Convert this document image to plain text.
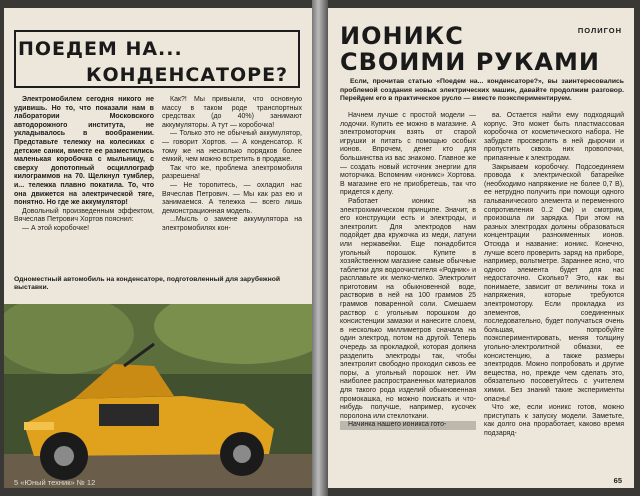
ПОЕДЕМ НА...
КОНДЕНСАТОРЕ?

Электромобилем сегодня никого не удивишь. Но то, что показали нам в лаборатории Московского автодорожного института, не укладывалось в воображении. Представьте тележку на колесиках с детские санки, вместе ее разместились маленькая коробочка с мыльницу, с сверху допотопный осциллограф килограммов на 70. Щелкнул тумблер, и... тележка плавно покатила. То, что она движется на электрической тяге, понятно. Но где же аккумулятор!

Довольный произведенным эффектом, Вячеслав Петрович Хортов пояснил:

— А этой коробочке!

Как?! Мы привыкли, что основную массу в таком роде транспортных средствах (до 40%) занимают аккумуляторы. А тут — коробочка!

— Только это не обычный аккумулятор, — говорит Хортов. — А конденсатор. К тому же на несколько порядков более емкий, чем можно встретить в продаже.

Так что же, проблема электромобиля разрешена!

— Не торопитесь, — охладил нас Вячеслав Петрович. — Мы как раз ею и занимаемся. А тележка — всего лишь демонстрационная модель.

...Мысль о замене аккумулятора на электромобилях кон-

Одноместный автомобиль на конденсаторе, подготовленный для зарубежной выставки.
5 «Юный техник» № 12
ПОЛИГОН
ИОНИКС
СВОИМИ РУКАМИ
Если, прочитав статью «Поедем на... конденсаторе?», вы заинтересовались проблемой создания новых электрических машин, давайте продолжим разговор. Перейдем его в практическое русло — вместе поэкспериментируем.

Начнем лучше с простой модели — лодочки. Купить ее можно в магазине. А электромоторчик взять от старой игрушки и питать с помощью особых ионов. Впрочем, денег кто для большинства из вас знакомо. Главное же — создать новый источник энергии для моторчика. Вспомним «ионикс» Хортова. В магазине его не приобретешь, так что придется к делу.

Работает ионикс на электрохимическом принципе. Значит, в его конструкции есть и электроды, и электролит. Для электродов нам подойдет два кружочка из меди, латуни или нержавейки. Еще понадобится угольный порошок. Купите в хозяйственном магазине самые обычные таблетки для водоочистителя «Родник» и расплавьте их мелко-мелко. Электролит приготовим на обыкновенной воде, растворив в ней на 100 граммов 25 граммов поваренной соли. Смешаем раствор с угольным порошком до консистенции замазки и нанесите слоем, в несколько миллиметров сначала на один электрод, потом на другой. Теперь очередь за прокладкой, которая должна разделить электроды так, чтобы электролит свободно проходил сквозь ее поры, а угольный порошок нет. Им наиболее распространенных материалов для такого рода изделий обыкновенная промокашка, но можно поискать и что-нибудь получше, например, кусочек поролона или стеклоткани.

Начинка нашего ионикса гото-

ва. Остается найти ему подходящий корпус. Это может быть пластмассовая коробочка от косметического набора. Не забудьте просверлить в ней дырочки и пропустить сквозь них проволочки, припаянные к электродам.

Закрываем коробочку. Подсоединяем провода к электрической батарейке (необходимо напряжение не более 0,7 В), ее нетрудно получить при помощи одного гальванического элемента и переменного сопротивления 0..2 Ом) и смотрим, произошла ли зарядка. При этом на разных электродах должны образоваться концентрации разноименных ионов. Отсюда и название: ионикс. Конечно, лучше всего проверить заряд на приборе, например, вольтметре. Зараннее ясно, что одного элемента будет для нас недостаточно. Сколько? Это, как вы понимаете, зависит от величины тока и напряжения, которые требуются электромотору. Если прокладка из элементов, соединенных последовательно, будет получаться очень большая, попробуйте поэкспериментировать, меняя толщину угольно-электролитной обмазки, ее консистенцию, а также размеры электродов. Можно попробовать и другие вещества, но, прежде чем сделать это, обязательно посоветуйтесь с учителем химии. Без знаний такие эксперименты опасны!

Что же, если ионикс готов, можно приступать к запуску модели. Заметьте, как долго она проработает, каково время подзаряд-

65
